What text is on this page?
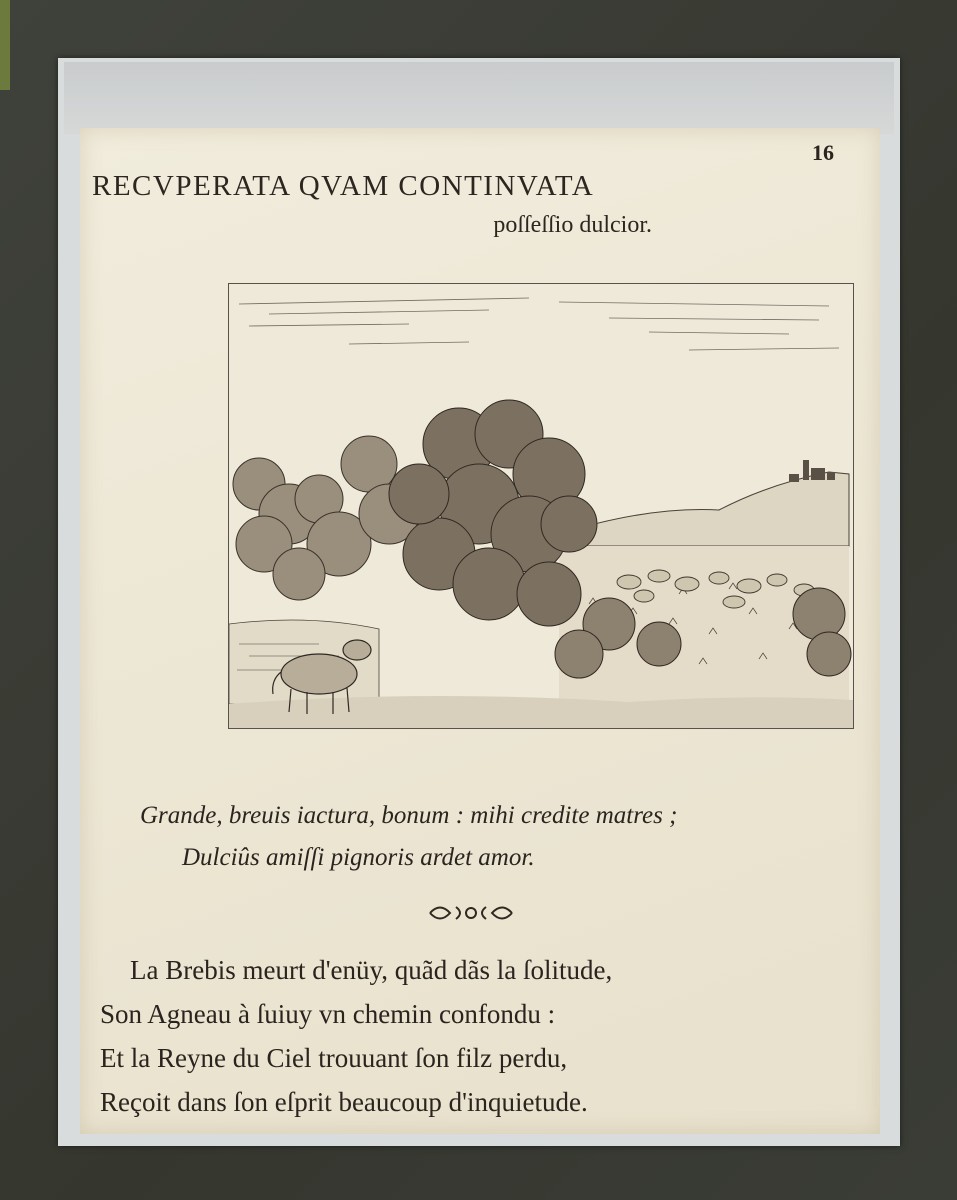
16
RECVPERATA QVAM CONTINVATA
poſſeſſio dulcior.
Grande, breuis iactura, bonum : mihi credite matres ;
Dulciûs amiſſi pignoris ardet amor.
La Brebis meurt d'enüy, quãd dãs la ſolitude,
Son Agneau à ſuiuy vn chemin confondu :
Et la Reyne du Ciel trouuant ſon filz perdu,
Reçoit dans ſon eſprit beaucoup d'inquietude.
